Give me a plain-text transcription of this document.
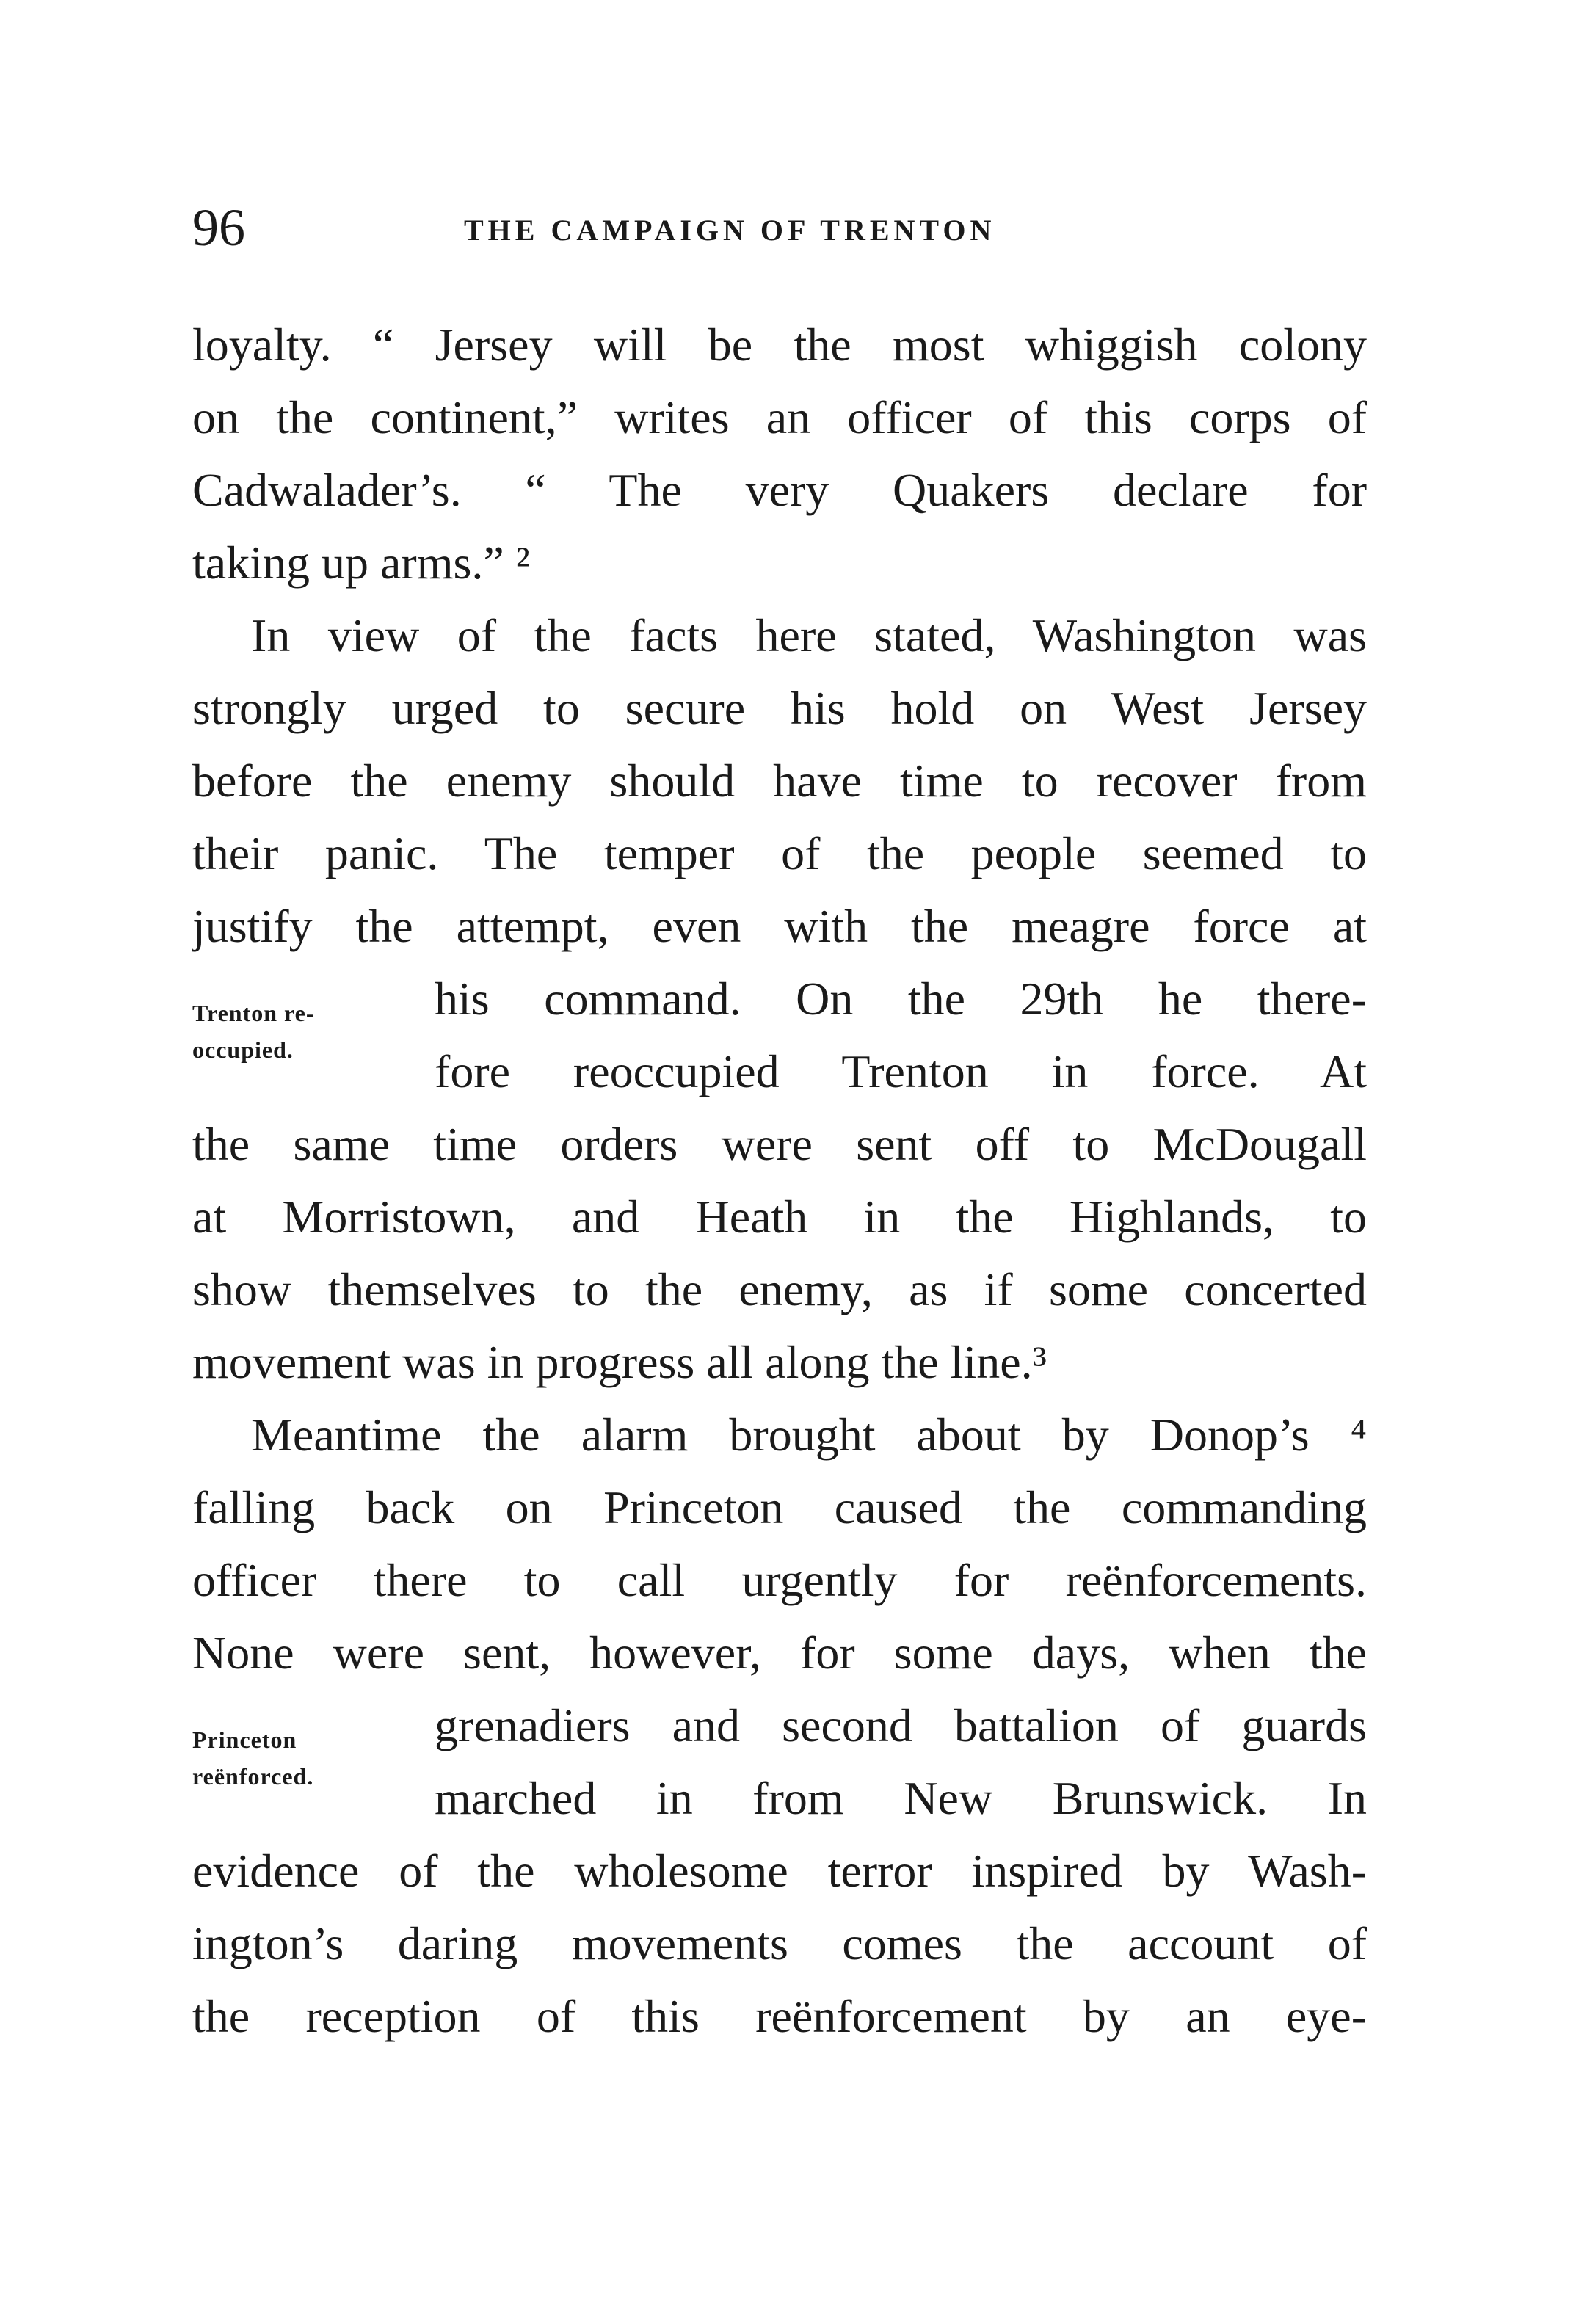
96	THE CAMPAIGN OF TRENTON
loyalty. “ Jersey will be the most whiggish colony
on the continent,” writes an officer of this corps of
Cadwalader’s. “ The very Quakers declare for
taking up arms.” ²
In view of the facts here stated, Washington was
strongly urged to secure his hold on West Jersey
before the enemy should have time to recover from
their panic. The temper of the people seemed to
justify the attempt, even with the meagre force at
his command. On the 29th he there-
fore reoccupied Trenton in force. At
the same time orders were sent off to McDougall
at Morristown, and Heath in the Highlands, to
show themselves to the enemy, as if some concerted
movement was in progress all along the line.³
Meantime the alarm brought about by Donop’s ⁴
falling back on Princeton caused the commanding
officer there to call urgently for reënforcements.
None were sent, however, for some days, when the
grenadiers and second battalion of guards
marched in from New Brunswick. In
evidence of the wholesome terror inspired by Wash-
ington’s daring movements comes the account of
the reception of this reënforcement by an eye-
Trenton re-
occupied.
Princeton
reënforced.
